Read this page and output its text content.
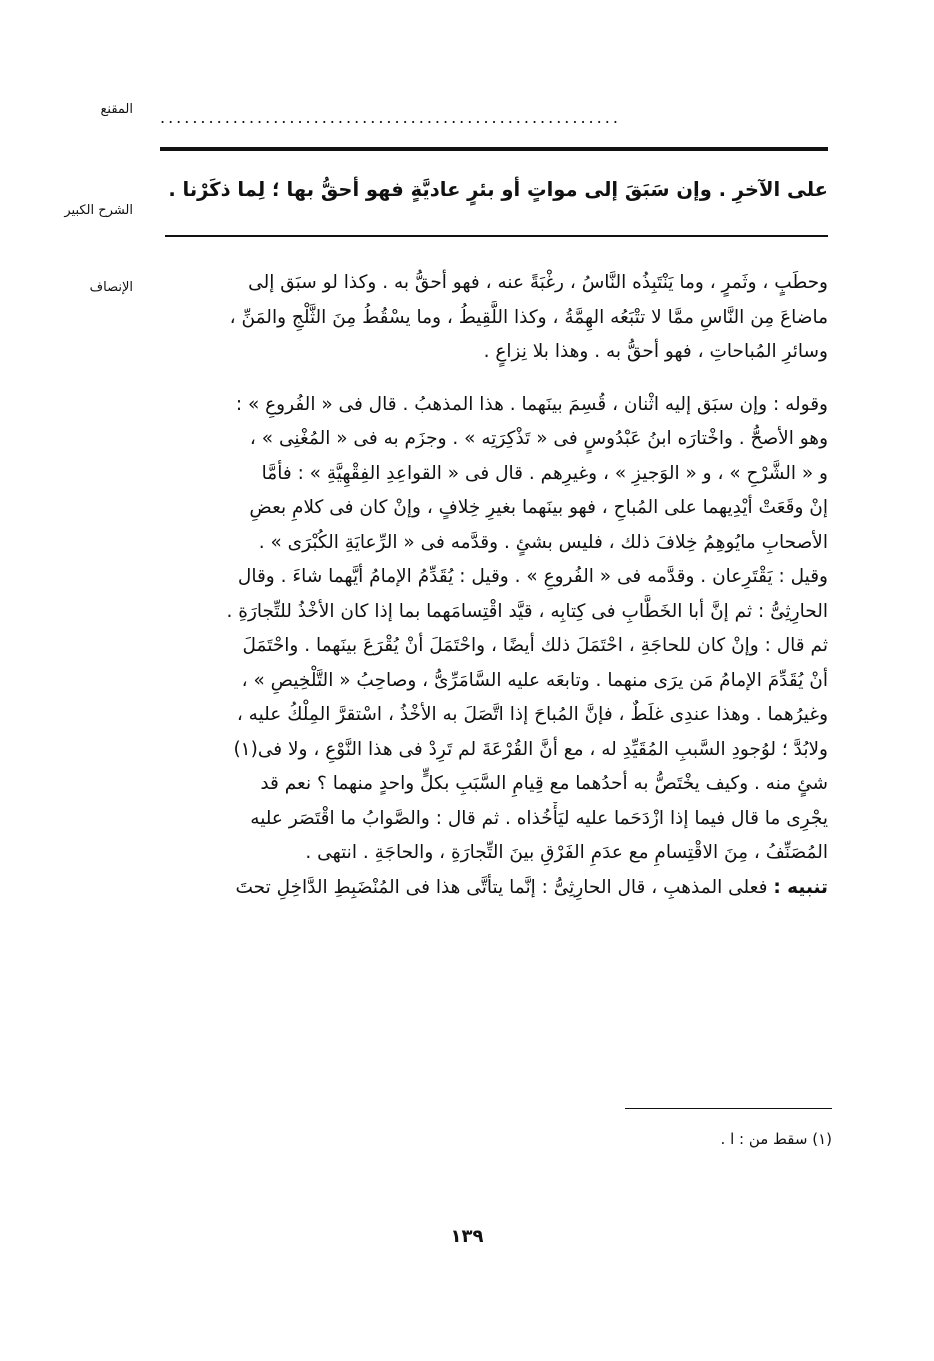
المقنع .........................................................
الشرح الكبير
على الآخرِ . وإن سَبَقَ إلى مواتٍ أو بئرٍ عاديَّةٍ فهو أحقُّ بها ؛ لِما ذكَرْنا .
الإنصاف	وحطَبٍ ، وثَمرٍ ، وما يَنْتَبِذُه النَّاسُ ، رغْبَةً عنه ، فهو أحقُّ به . وكذا لو سبَق إلى
ماضاعَ مِن النَّاسِ ممَّا لا تتْبَعُه الهِمَّةُ ، وكذا اللَّقِيطُ ، وما يسْقُطُ مِنَ الثَّلْجِ والمَنِّ ،
وسائرِ المُباحاتِ ، فهو أحقُّ به . وهذا بلا نِزاعٍ .
وقوله : وإن سبَق إليه اثْنان ، قُسِمَ بينَهما . هذا المذهبُ . قال فى « الفُروعِ » :
وهو الأصحُّ . واخْتارَه ابنُ عَبْدُوسٍ فى « تَذْكِرَتِه » . وجزَم به فى « المُغْنِى » ،
و « الشَّرْحِ » ، و « الوَجيزِ » ، وغيرِهم . قال فى « القواعِدِ الفِقْهِيَّةِ » : فأمَّا
إنْ وقَعَتْ أيْدِيهما على المُباحِ ، فهو بينَهما بغيرِ خِلافٍ ، وإنْ كان فى كلامِ بعضِ
الأصحابِ مايُوهِمُ خِلافَ ذلك ، فليس بشئٍ . وقدَّمه فى « الرِّعايَةِ الكُبْرَى » .
وقيل : يَقْتَرِعان . وقدَّمه فى « الفُروعِ » . وقيل : يُقَدِّمُ الإمامُ أيَّهما شاءَ . وقال
الحارِثِىُّ : ثم إنَّ أبا الخَطَّابِ فى كِتابِه ، قيَّد اقْتِسامَهما بما إذا كان الأخْذُ للتِّجارَةِ .
ثم قال : وإنْ كان للحاجَةِ ، احْتَمَلَ ذلك أيضًا ، واحْتَمَلَ أنْ يُقْرَعَ بينَهما . واحْتَمَلَ
أنْ يُقَدِّمَ الإمامُ مَن يرَى منهما . وتابعَه عليه السَّامَرِّىُّ ، وصاحِبُ « التَّلْخِيصِ » ،
وغيرُهما . وهذا عندِى غلَطٌ ، فإنَّ المُباحَ إذا اتَّصَلَ به الأخْذُ ، اسْتقرَّ المِلْكُ عليه ،
ولابُدَّ ؛ لوُجودِ السَّببِ المُقَيِّدِ له ، مع أنَّ القُرْعَةَ لم تَرِدْ فى هذا النَّوْعِ ، ولا فى(١)
شئٍ منه . وكيف يخْتَصُّ به أحدُهما مع قِيامِ السَّبَبِ بكلٍّ واحدٍ منهما ؟ نعم قد
يجْرِى ما قال فيما إذا ازْدَحَما عليه ليَأْخُذاه . ثم قال : والصَّوابُ ما اقْتَصَر عليه
المُصَنِّفُ ، مِنَ الاقْتِسامِ مع عدَمِ الفَرْقِ بينَ التِّجارَةِ ، والحاجَةِ . انتهى .
تنبيه : فعلى المذهبِ ، قال الحارِثِىُّ : إنَّما يتأتَّى هذا فى المُنْضَبِطِ الدَّاخِلِ تحتَ
(١) سقط من : ا .
١٣٩
